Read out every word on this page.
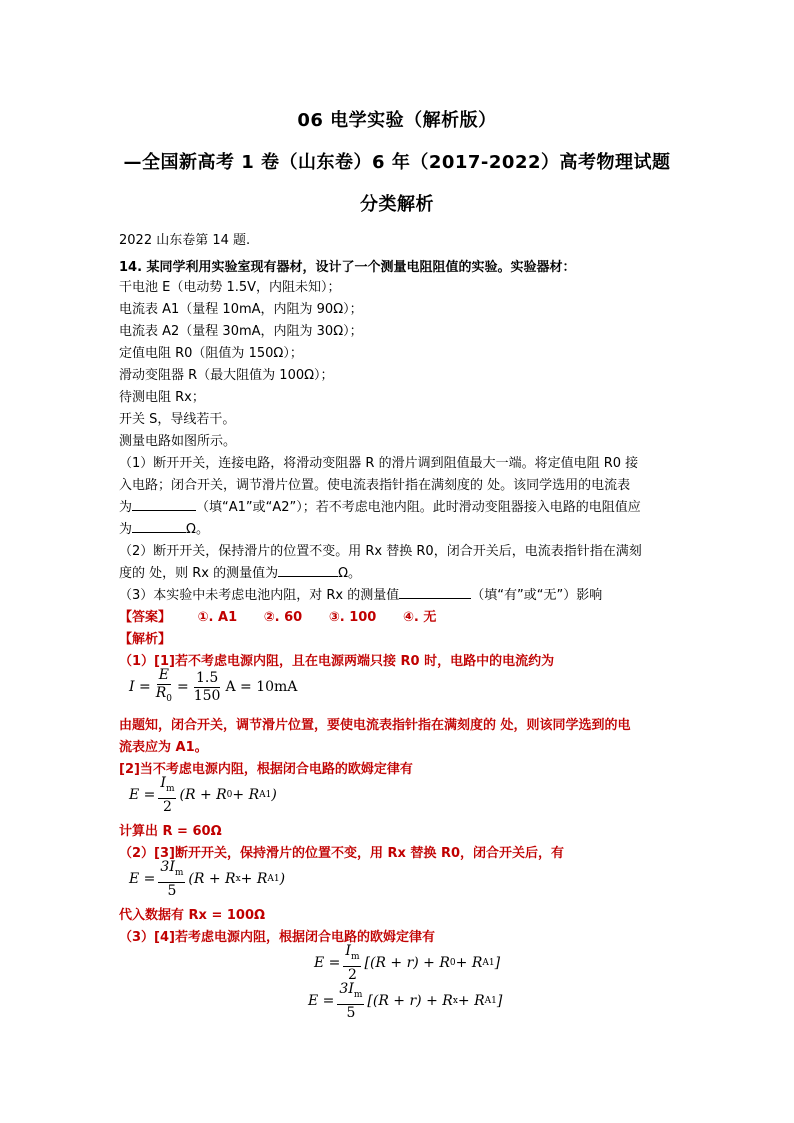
06 电学实验（解析版）
—全国新高考 1 卷（山东卷）6 年（2017-2022）高考物理试题
分类解析
2022 山东卷第 14 题.
14. 某同学利用实验室现有器材，设计了一个测量电阻阻值的实验。实验器材：
干电池 E（电动势 1.5V，内阻未知）；
电流表 A1（量程 10mA，内阻为 90Ω）；
电流表 A2（量程 30mA，内阻为 30Ω）；
定值电阻 R0（阻值为 150Ω）；
滑动变阻器 R（最大阻值为 100Ω）；
待测电阻 Rx；
开关 S，导线若干。
测量电路如图所示。
（1）断开开关，连接电路，将滑动变阻器 R 的滑片调到阻值最大一端。将定值电阻 R0 接
入电路；闭合开关，调节滑片位置。使电流表指针指在满刻度的 处。该同学选用的电流表
为	（填“A1”或“A2”）；若不考虑电池内阻。此时滑动变阻器接入电路的电阻值应
为	Ω。
（2）断开开关，保持滑片的位置不变。用 Rx 替换 R0，闭合开关后，电流表指针指在满刻
度的 处，则 Rx 的测量值为	Ω。
（3）本实验中未考虑电池内阻，对 Rx 的测量值	（填“有”或“无”）影响
【答案】 ①. A1 ②. 60 ③. 100 ④. 无
【解析】
（1）[1]若不考虑电源内阻，且在电源两端只接 R0 时，电路中的电流约为
$I = \frac{E}{R_0} = \frac{1.5}{150}$ A = 10mA
由题知，闭合开关，调节滑片位置，要使电流表指针指在满刻度的 处，则该同学选到的电
流表应为 A1。
[2]当不考虑电源内阻，根据闭合电路的欧姆定律有
$E = \frac{I_m}{2} (R + R$ 0 + R A1 )
计算出 R = 60Ω
（2）[3]断开开关，保持滑片的位置不变，用 Rx 替换 R0，闭合开关后，有
$E = \frac{3I_m}{5} (R + R$ x + R A1 )
代入数据有 Rx = 100Ω
（3）[4]若考虑电源内阻，根据闭合电路的欧姆定律有
$E = \frac{I_m}{2} [(R + r) + R$ 0 + R A1 ]
$E = \frac{3I_m}{5} [(R + r) + R$ x + R A1 ]
